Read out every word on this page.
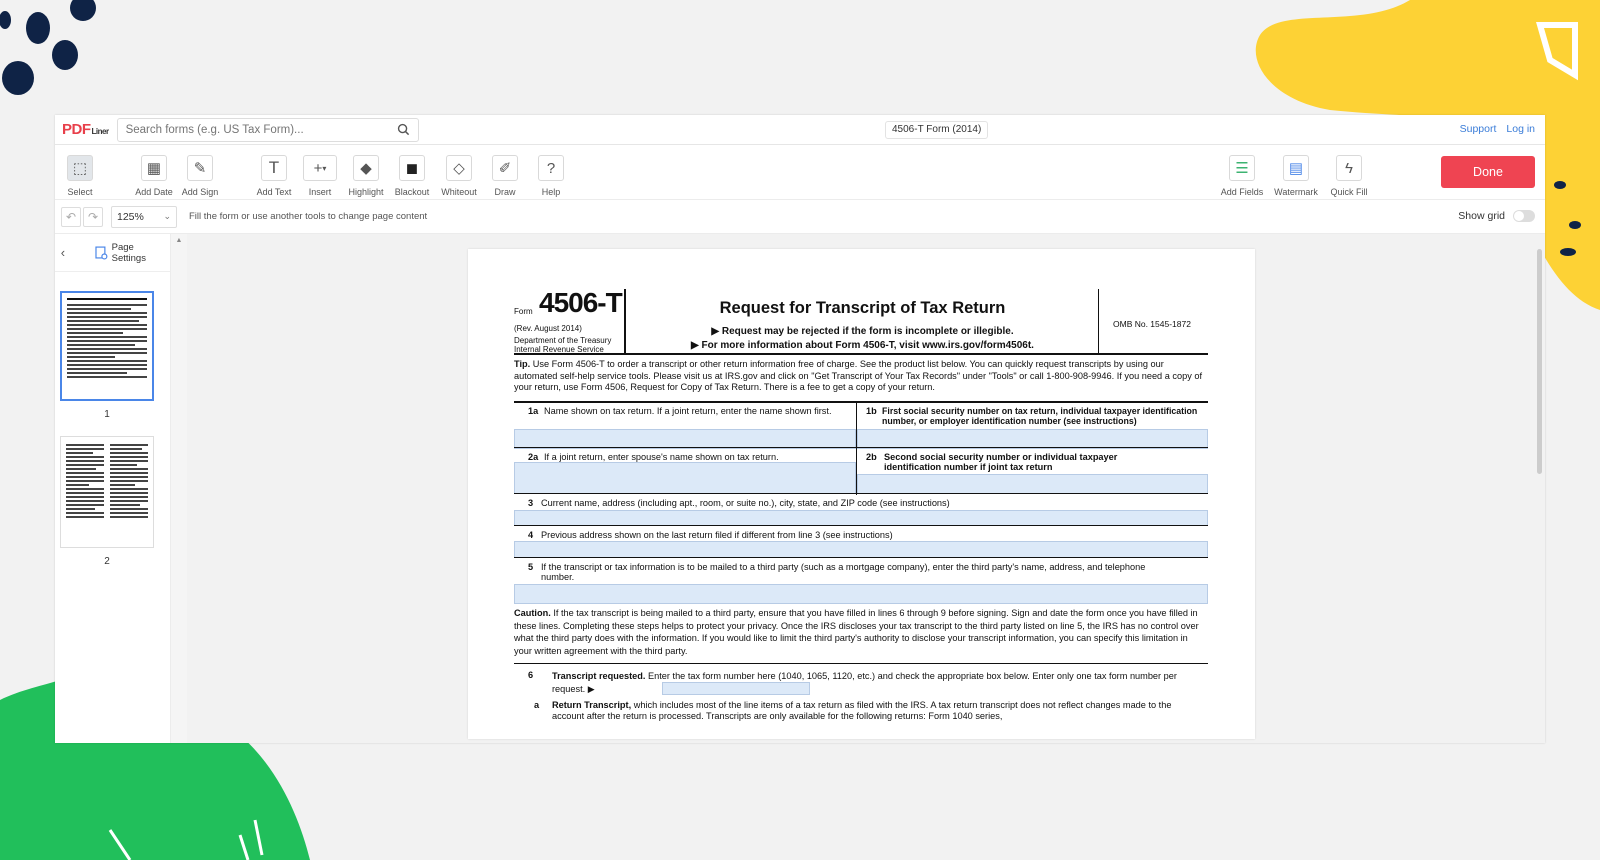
PDF Liner
Search forms (e.g. US Tax Form)...	4506-T Form (2014)	Support Log in
⬚
Select
▦
Add Date
✎
Add Sign
T
Add Text
+ ▾
Insert
◆
Highlight
◼
Blackout
◇
Whiteout
✐
Draw
?
Help
☰
Add Fields
▤
Watermark
ϟ
Quick Fill
Done
↶ ↷	125% ⌄ Fill the form or use another tools to change page content	Show grid
‹	Page Settings
1
2
▲
Form 4506-T
(Rev. August 2014)
Department of the Treasury
Internal Revenue Service
Request for Transcript of Tax Return
▶ Request may be rejected if the form is incomplete or illegible.
▶ For more information about Form 4506-T, visit www.irs.gov/form4506t.
OMB No. 1545-1872
Tip. Use Form 4506-T to order a transcript or other return information free of charge. See the product list below. You can quickly request transcripts by using our automated self-help service tools. Please visit us at IRS.gov and click on "Get Transcript of Your Tax Records" under "Tools" or call 1-800-908-9946. If you need a copy of your return, use Form 4506, Request for Copy of Tax Return. There is a fee to get a copy of your return.
1a Name shown on tax return. If a joint return, enter the name shown first.	1b First social security number on tax return, individual taxpayer identification number, or employer identification number (see instructions)
2a If a joint return, enter spouse's name shown on tax return.	2b Second social security number or individual taxpayer identification number if joint tax return
3 Current name, address (including apt., room, or suite no.), city, state, and ZIP code (see instructions)
4 Previous address shown on the last return filed if different from line 3 (see instructions)
5 If the transcript or tax information is to be mailed to a third party (such as a mortgage company), enter the third party's name, address, and telephone number.
Caution. If the tax transcript is being mailed to a third party, ensure that you have filled in lines 6 through 9 before signing. Sign and date the form once you have filled in these lines. Completing these steps helps to protect your privacy. Once the IRS discloses your tax transcript to the third party listed on line 5, the IRS has no control over what the third party does with the information. If you would like to limit the third party's authority to disclose your transcript information, you can specify this limitation in your written agreement with the third party.
6 Transcript requested. Enter the tax form number here (1040, 1065, 1120, etc.) and check the appropriate box below. Enter only one tax form number per request. ▶
a Return Transcript, which includes most of the line items of a tax return as filed with the IRS. A tax return transcript does not reflect changes made to the account after the return is processed. Transcripts are only available for the following returns: Form 1040 series,
